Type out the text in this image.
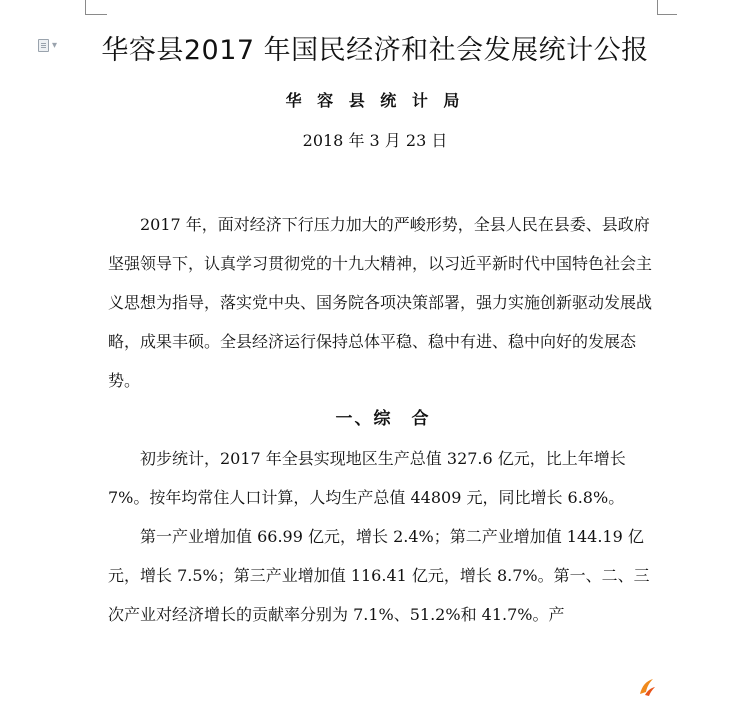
▾	华容县2017 年国民经济和社会发展统计公报
华 容 县 统 计 局
2018 年 3 月 23 日

2017 年，面对经济下行压力加大的严峻形势，全县人民在县委、县政府坚强领导下，认真学习贯彻党的十九大精神，以习近平新时代中国特色社会主义思想为指导，落实党中央、国务院各项决策部署，强力实施创新驱动发展战略，成果丰硕。全县经济运行保持总体平稳、稳中有进、稳中向好的发展态势。

一、综　合

初步统计，2017 年全县实现地区生产总值 327.6 亿元，比上年增长 7%。按年均常住人口计算，人均生产总值 44809 元，同比增长 6.8%。

第一产业增加值 66.99 亿元，增长 2.4%；第二产业增加值 144.19 亿元，增长 7.5%；第三产业增加值 116.41 亿元，增长 8.7%。第一、二、三次产业对经济增长的贡献率分别为 7.1%、51.2%和 41.7%。产
